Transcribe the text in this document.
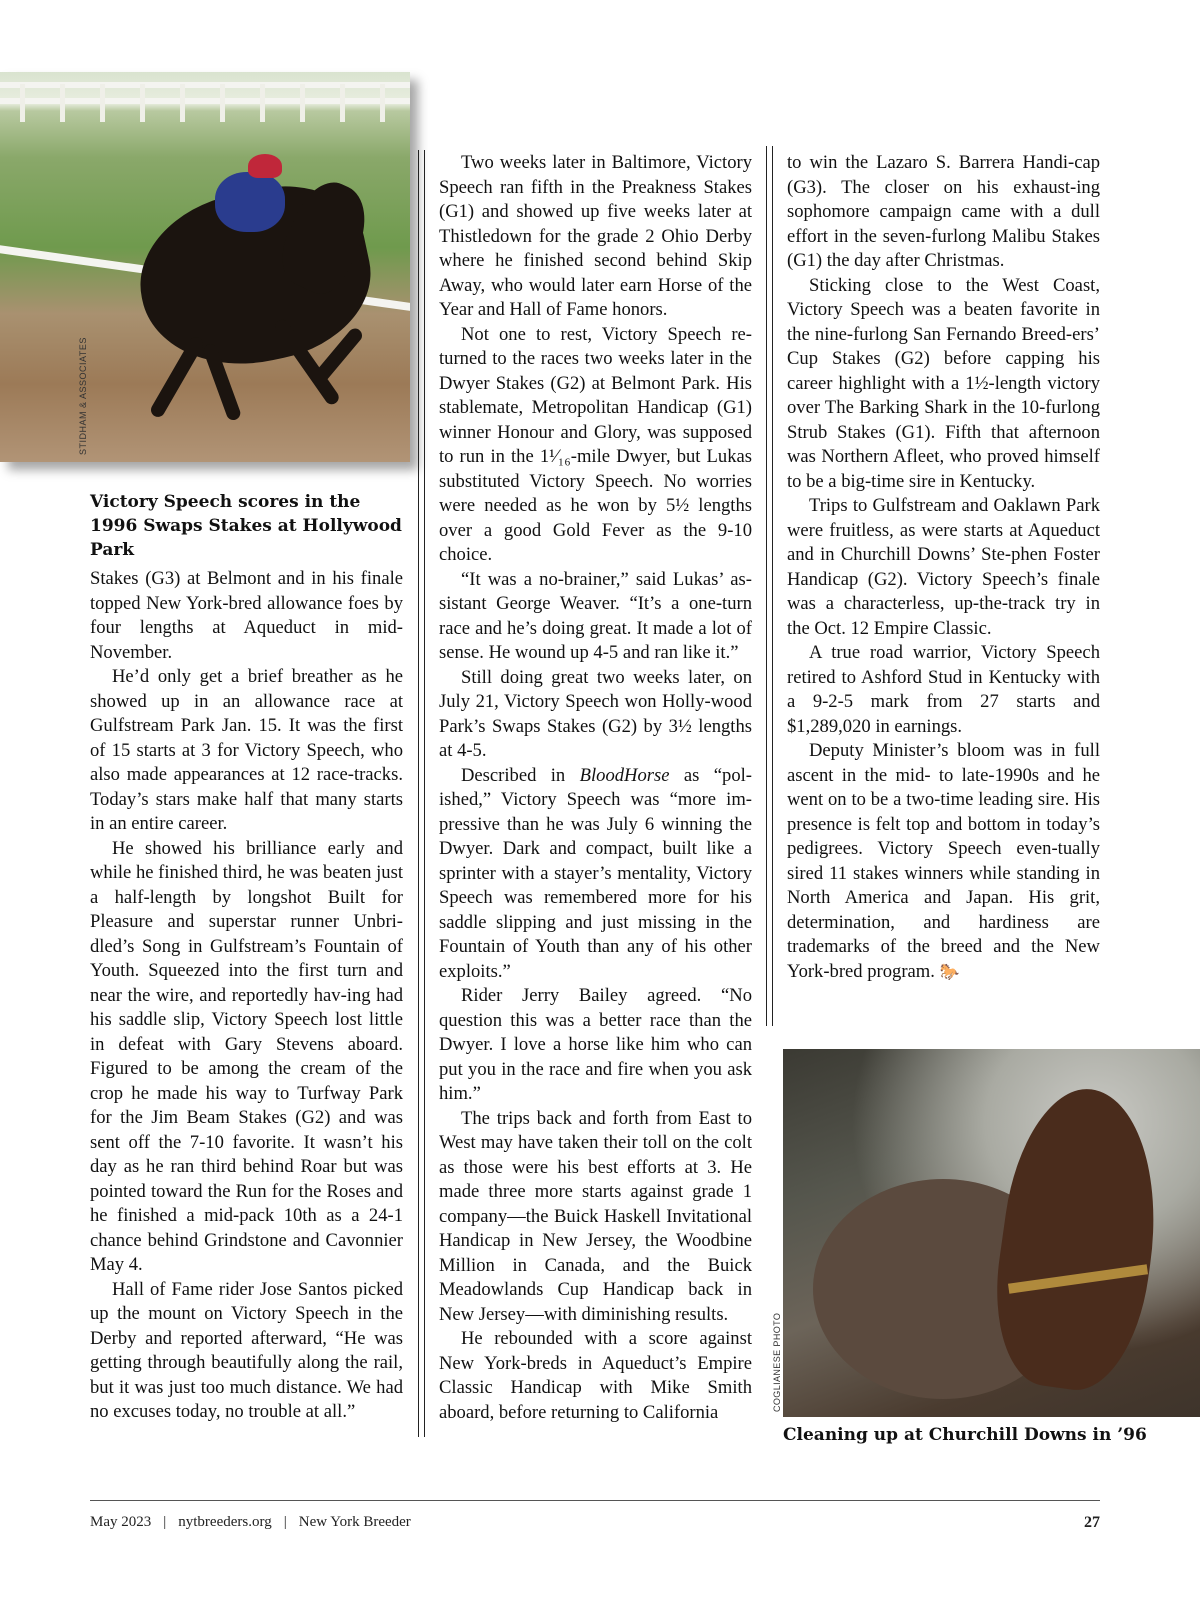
STIDHAM & ASSOCIATES
Victory Speech scores in the 1996 Swaps Stakes at Hollywood Park

Stakes (G3) at Belmont and in his finale topped New York-bred allowance foes by four lengths at Aqueduct in mid-November.

He’d only get a brief breather as he showed up in an allowance race at Gulfstream Park Jan. 15. It was the first of 15 starts at 3 for Victory Speech, who also made appearances at 12 race-tracks. Today’s stars make half that many starts in an entire career.

He showed his brilliance early and while he finished third, he was beaten just a half-length by longshot Built for Pleasure and superstar runner Unbri-dled’s Song in Gulfstream’s Fountain of Youth. Squeezed into the first turn and near the wire, and reportedly hav-ing had his saddle slip, Victory Speech lost little in defeat with Gary Stevens aboard. Figured to be among the cream of the crop he made his way to Turfway Park for the Jim Beam Stakes (G2) and was sent off the 7-10 favorite. It wasn’t his day as he ran third behind Roar but was pointed toward the Run for the Roses and he finished a mid-pack 10th as a 24-1 chance behind Grindstone and Cavonnier May 4.

Hall of Fame rider Jose Santos picked up the mount on Victory Speech in the Derby and reported afterward, “He was getting through beautifully along the rail, but it was just too much distance. We had no excuses today, no trouble at all.”

Two weeks later in Baltimore, Victory Speech ran fifth in the Preakness Stakes (G1) and showed up five weeks later at Thistledown for the grade 2 Ohio Derby where he finished second behind Skip Away, who would later earn Horse of the Year and Hall of Fame honors.

Not one to rest, Victory Speech re-turned to the races two weeks later in the Dwyer Stakes (G2) at Belmont Park. His stablemate, Metropolitan Handicap (G1) winner Honour and Glory, was supposed to run in the 1¹⁄₁₆-mile Dwyer, but Lukas substituted Victory Speech. No worries were needed as he won by 5½ lengths over a good Gold Fever as the 9-10 choice.

“It was a no-brainer,” said Lukas’ as-sistant George Weaver. “It’s a one-turn race and he’s doing great. It made a lot of sense. He wound up 4-5 and ran like it.”

Still doing great two weeks later, on July 21, Victory Speech won Holly-wood Park’s Swaps Stakes (G2) by 3½ lengths at 4-5.

Described in BloodHorse as “pol-ished,” Victory Speech was “more im-pressive than he was July 6 winning the Dwyer. Dark and compact, built like a sprinter with a stayer’s mentality, Victory Speech was remembered more for his saddle slipping and just missing in the Fountain of Youth than any of his other exploits.”

Rider Jerry Bailey agreed. “No question this was a better race than the Dwyer. I love a horse like him who can put you in the race and fire when you ask him.”

The trips back and forth from East to West may have taken their toll on the colt as those were his best efforts at 3. He made three more starts against grade 1 company—the Buick Haskell Invitational Handicap in New Jersey, the Woodbine Million in Canada, and the Buick Meadowlands Cup Handicap back in New Jersey—with diminishing results.

He rebounded with a score against New York-breds in Aqueduct’s Empire Classic Handicap with Mike Smith aboard, before returning to California

to win the Lazaro S. Barrera Handi-cap (G3). The closer on his exhaust-ing sophomore campaign came with a dull effort in the seven-furlong Malibu Stakes (G1) the day after Christmas.

Sticking close to the West Coast, Victory Speech was a beaten favorite in the nine-furlong San Fernando Breed-ers’ Cup Stakes (G2) before capping his career highlight with a 1½-length victory over The Barking Shark in the 10-furlong Strub Stakes (G1). Fifth that afternoon was Northern Afleet, who proved himself to be a big-time sire in Kentucky.

Trips to Gulfstream and Oaklawn Park were fruitless, as were starts at Aqueduct and in Churchill Downs’ Ste-phen Foster Handicap (G2). Victory Speech’s finale was a characterless, up-the-track try in the Oct. 12 Empire Classic.

A true road warrior, Victory Speech retired to Ashford Stud in Kentucky with a 9-2-5 mark from 27 starts and $1,289,020 in earnings.

Deputy Minister’s bloom was in full ascent in the mid- to late-1990s and he went on to be a two-time leading sire. His presence is felt top and bottom in today’s pedigrees. Victory Speech even-tually sired 11 stakes winners while standing in North America and Japan. His grit, determination, and hardiness are trademarks of the breed and the New York-bred program. 🐎

COGLIANESE PHOTO
Cleaning up at Churchill Downs in ’96
May 2023 | nytbreeders.org | New York Breeder	27
